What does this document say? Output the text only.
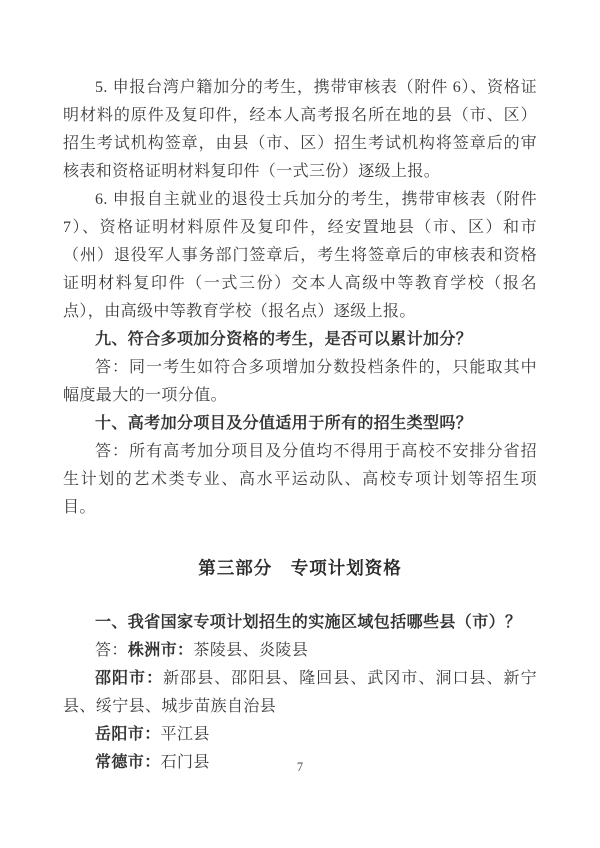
5. 申报台湾户籍加分的考生，携带审核表（附件 6）、资格证明材料的原件及复印件，经本人高考报名所在地的县（市、区）招生考试机构签章，由县（市、区）招生考试机构将签章后的审核表和资格证明材料复印件（一式三份）逐级上报。

6. 申报自主就业的退役士兵加分的考生，携带审核表（附件7）、资格证明材料原件及复印件，经安置地县（市、区）和市（州）退役军人事务部门签章后，考生将签章后的审核表和资格证明材料复印件（一式三份）交本人高级中等教育学校（报名点），由高级中等教育学校（报名点）逐级上报。

九、符合多项加分资格的考生，是否可以累计加分？

答：同一考生如符合多项增加分数投档条件的，只能取其中幅度最大的一项分值。

十、高考加分项目及分值适用于所有的招生类型吗？

答：所有高考加分项目及分值均不得用于高校不安排分省招生计划的艺术类专业、高水平运动队、高校专项计划等招生项目。

第三部分　专项计划资格

一、我省国家专项计划招生的实施区域包括哪些县（市）？

答：株洲市：茶陵县、炎陵县

邵阳市：新邵县、邵阳县、隆回县、武冈市、洞口县、新宁县、绥宁县、城步苗族自治县

岳阳市：平江县

常德市：石门县	7
